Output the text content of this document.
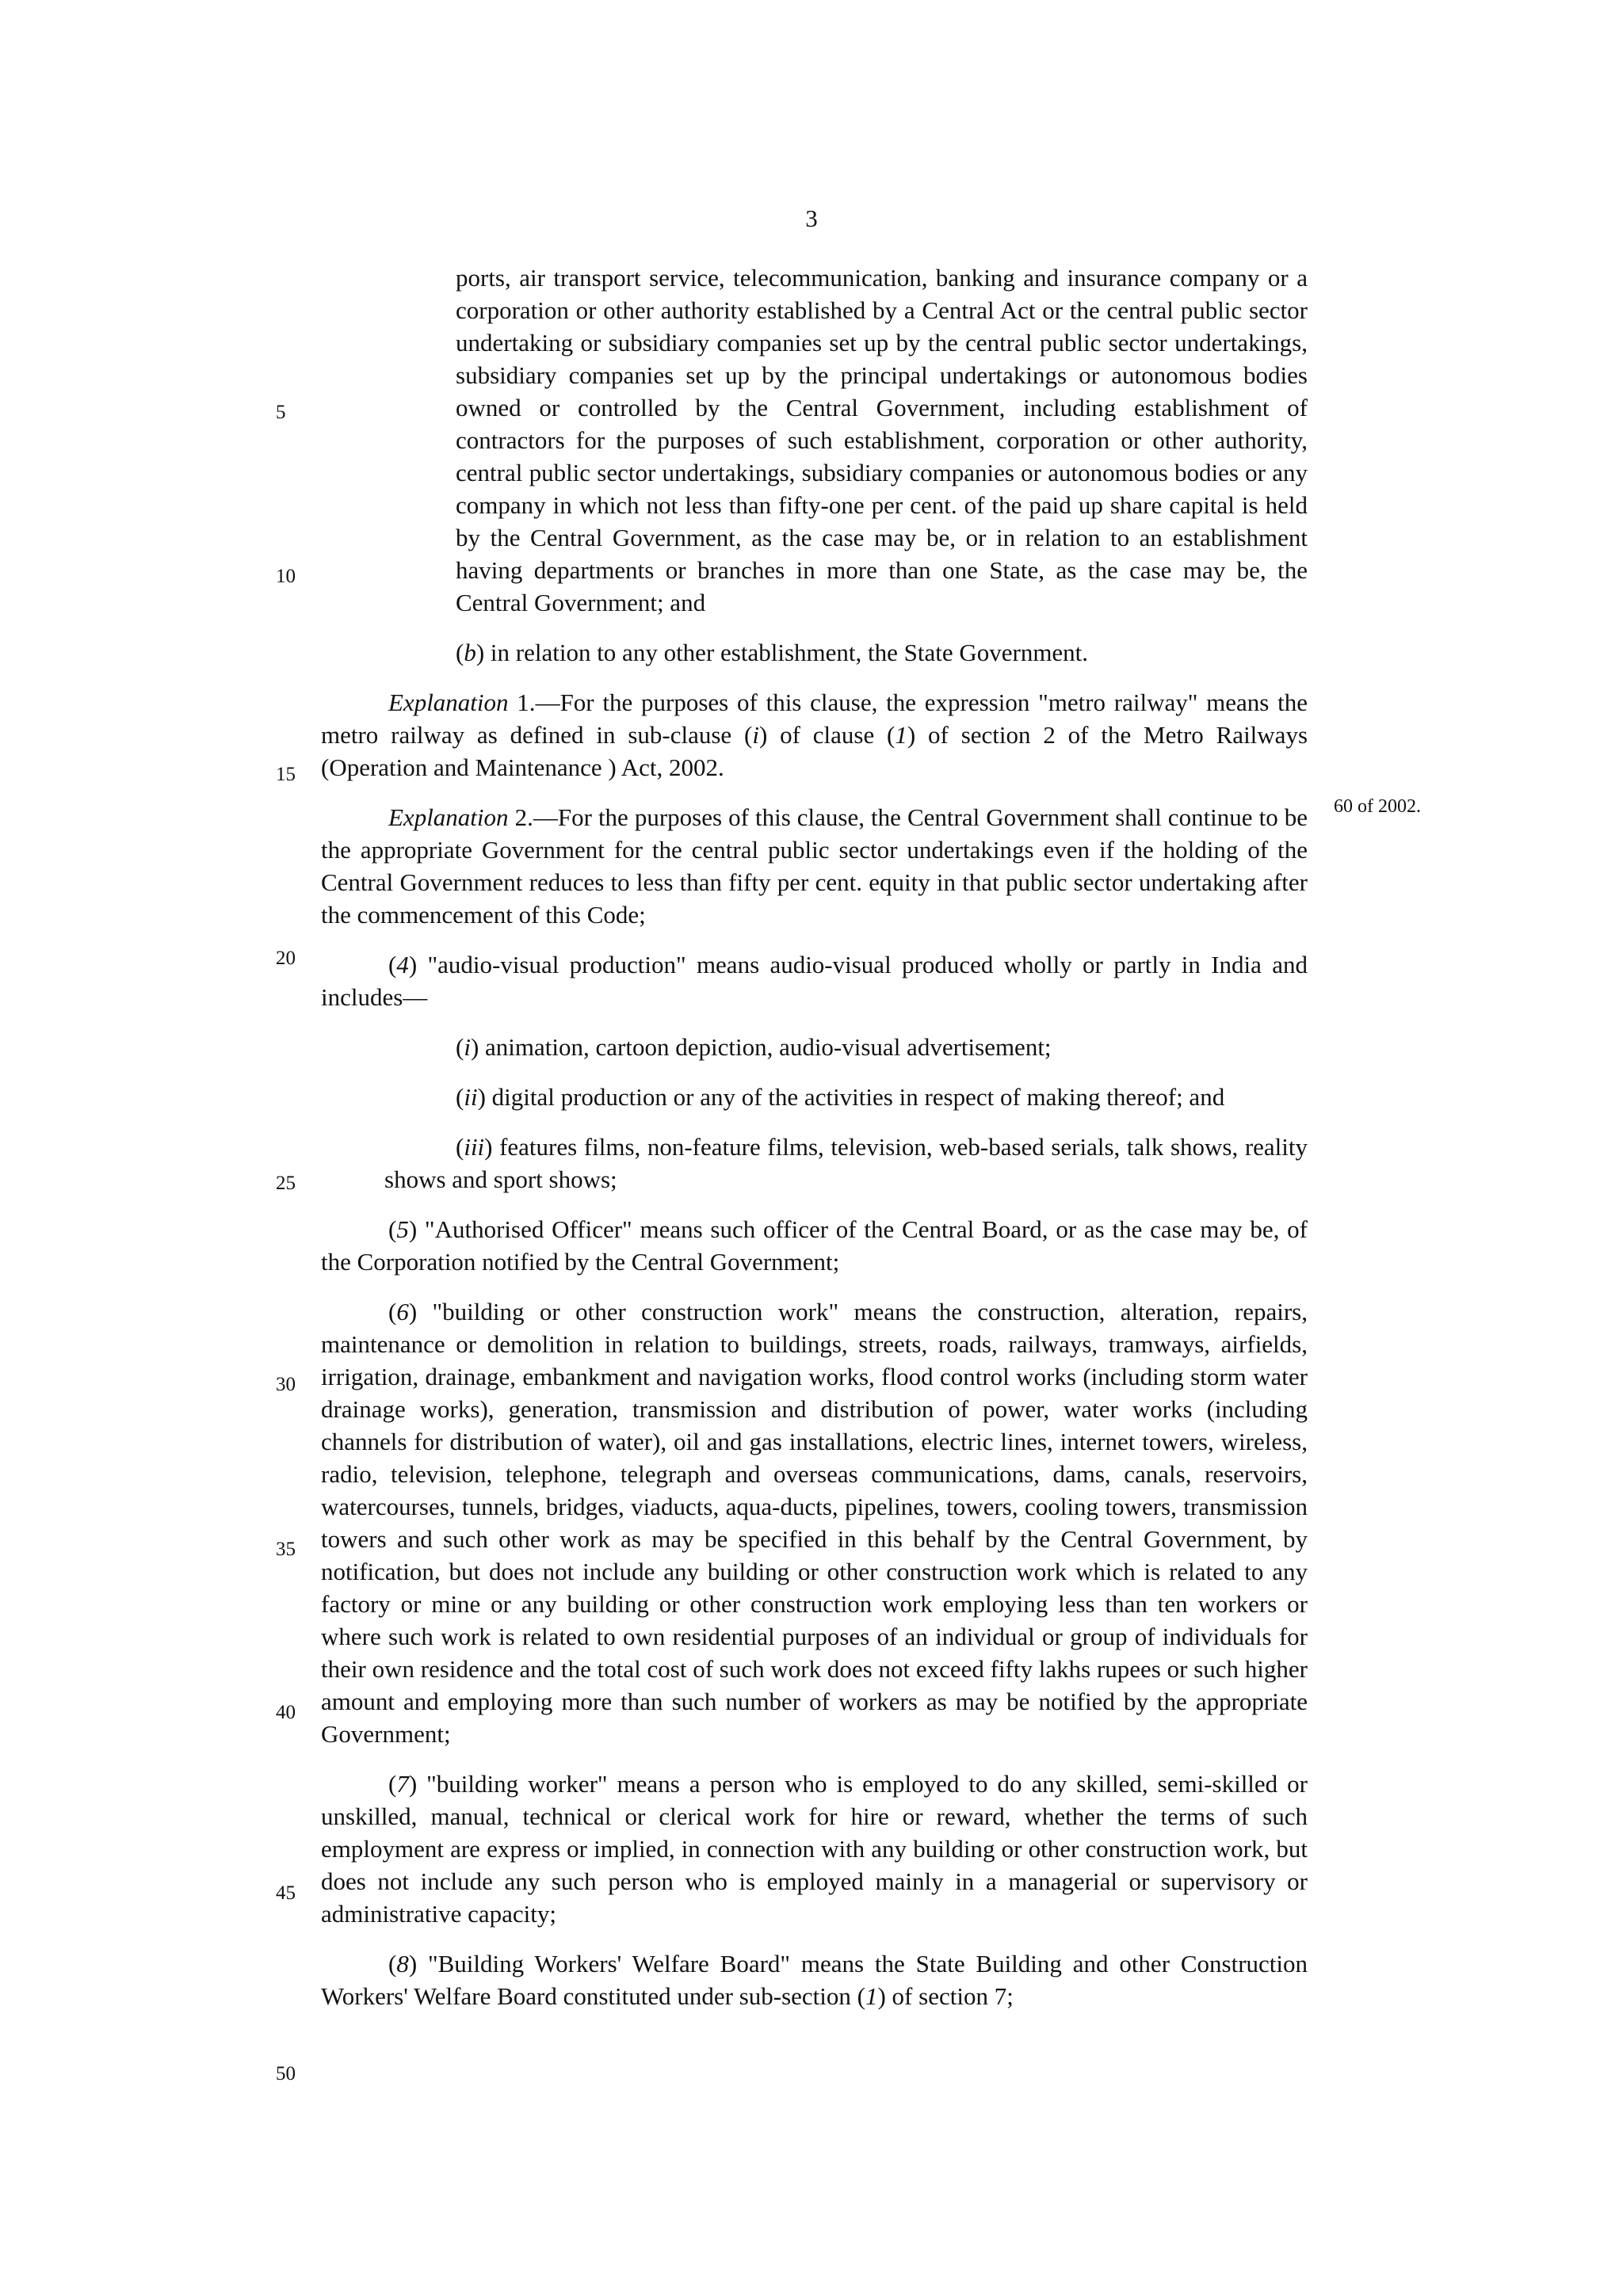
3
5
10
15
20
25
30
35
40
45
50
60 of 2002.

ports, air transport service, telecommunication, banking and insurance company or a corporation or other authority established by a Central Act or the central public sector undertaking or subsidiary companies set up by the central public sector undertakings, subsidiary companies set up by the principal undertakings or autonomous bodies owned or controlled by the Central Government, including establishment of contractors for the purposes of such establishment, corporation or other authority, central public sector undertakings, subsidiary companies or autonomous bodies or any company in which not less than fifty-one per cent. of the paid up share capital is held by the Central Government, as the case may be, or in relation to an establishment having departments or branches in more than one State, as the case may be, the Central Government; and

(b) in relation to any other establishment, the State Government.

Explanation 1.—For the purposes of this clause, the expression "metro railway" means the metro railway as defined in sub-clause (i) of clause (1) of section 2 of the Metro Railways (Operation and Maintenance ) Act, 2002.

Explanation 2.—For the purposes of this clause, the Central Government shall continue to be the appropriate Government for the central public sector undertakings even if the holding of the Central Government reduces to less than fifty per cent. equity in that public sector undertaking after the commencement of this Code;

(4) "audio-visual production" means audio-visual produced wholly or partly in India and includes—

(i) animation, cartoon depiction, audio-visual advertisement;

(ii) digital production or any of the activities in respect of making thereof; and

(iii) features films, non-feature films, television, web-based serials, talk shows, reality shows and sport shows;

(5) "Authorised Officer" means such officer of the Central Board, or as the case may be, of the Corporation notified by the Central Government;

(6) "building or other construction work" means the construction, alteration, repairs, maintenance or demolition in relation to buildings, streets, roads, railways, tramways, airfields, irrigation, drainage, embankment and navigation works, flood control works (including storm water drainage works), generation, transmission and distribution of power, water works (including channels for distribution of water), oil and gas installations, electric lines, internet towers, wireless, radio, television, telephone, telegraph and overseas communications, dams, canals, reservoirs, watercourses, tunnels, bridges, viaducts, aqua-ducts, pipelines, towers, cooling towers, transmission towers and such other work as may be specified in this behalf by the Central Government, by notification, but does not include any building or other construction work which is related to any factory or mine or any building or other construction work employing less than ten workers or where such work is related to own residential purposes of an individual or group of individuals for their own residence and the total cost of such work does not exceed fifty lakhs rupees or such higher amount and employing more than such number of workers as may be notified by the appropriate Government;

(7) "building worker" means a person who is employed to do any skilled, semi-skilled or unskilled, manual, technical or clerical work for hire or reward, whether the terms of such employment are express or implied, in connection with any building or other construction work, but does not include any such person who is employed mainly in a managerial or supervisory or administrative capacity;

(8) "Building Workers' Welfare Board" means the State Building and other Construction Workers' Welfare Board constituted under sub-section (1) of section 7;
